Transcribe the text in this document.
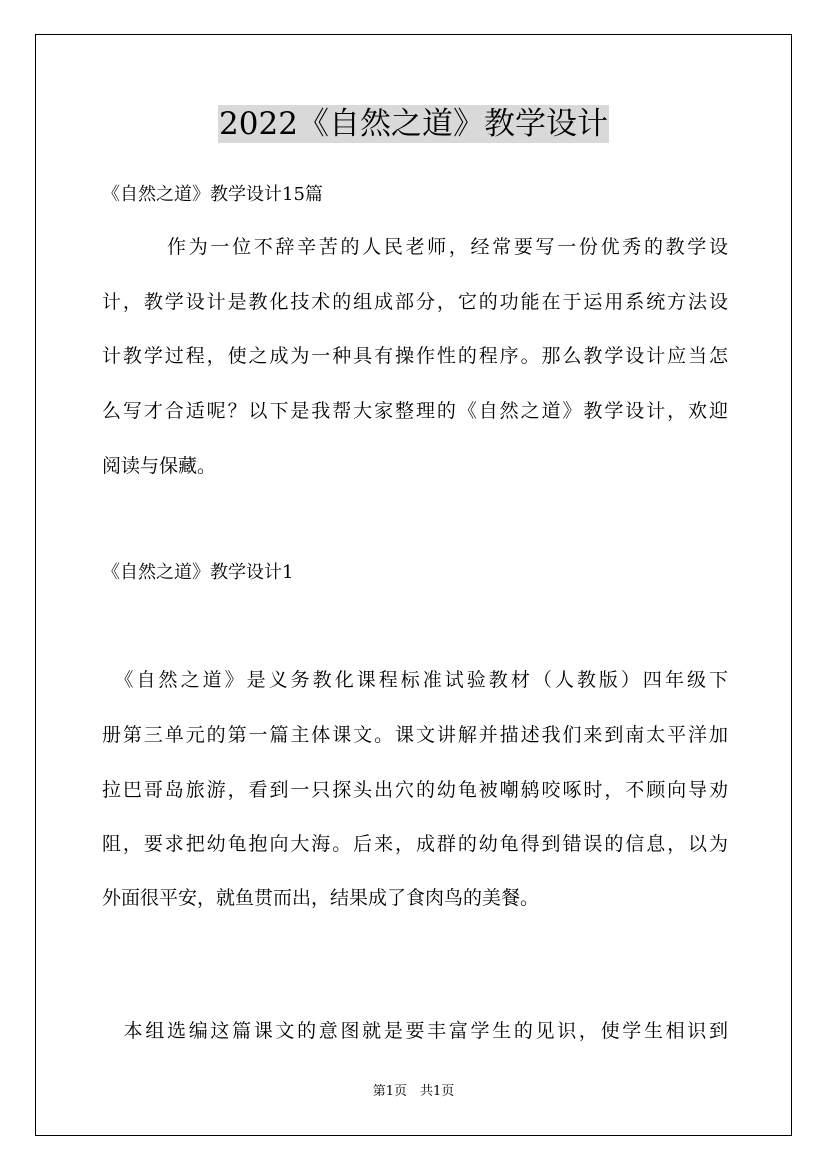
2022《自然之道》教学设计

《自然之道》教学设计15篇

　　　作为一位不辞辛苦的人民老师，经常要写一份优秀的教学设

计，教学设计是教化技术的组成部分，它的功能在于运用系统方法设

计教学过程，使之成为一种具有操作性的程序。那么教学设计应当怎

么写才合适呢？以下是我帮大家整理的《自然之道》教学设计，欢迎

阅读与保藏。

《自然之道》教学设计1

　《自然之道》是义务教化课程标准试验教材（人教版）四年级下

册第三单元的第一篇主体课文。课文讲解并描述我们来到南太平洋加

拉巴哥岛旅游，看到一只探头出穴的幼龟被嘲鸫咬啄时，不顾向导劝

阻，要求把幼龟抱向大海。后来，成群的幼龟得到错误的信息，以为

外面很平安，就鱼贯而出，结果成了食肉鸟的美餐。

　本组选编这篇课文的意图就是要丰富学生的见识，使学生相识到

第1页　共1页
